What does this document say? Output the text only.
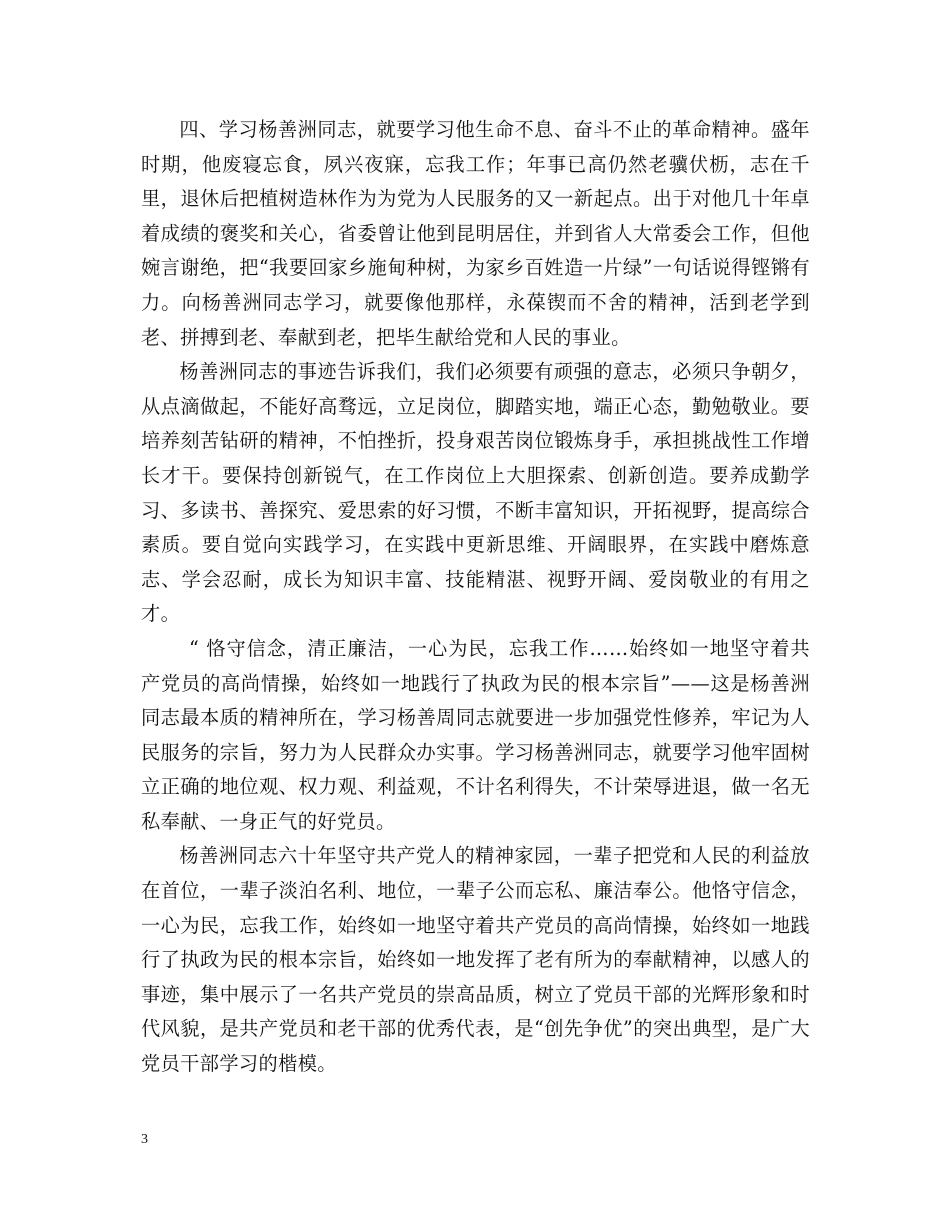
四、学习杨善洲同志，就要学习他生命不息、奋斗不止的革命精神。盛年时期，他废寝忘食，夙兴夜寐，忘我工作；年事已高仍然老骥伏枥，志在千里，退休后把植树造林作为为党为人民服务的又一新起点。出于对他几十年卓着成绩的褒奖和关心，省委曾让他到昆明居住，并到省人大常委会工作，但他婉言谢绝，把“我要回家乡施甸种树，为家乡百姓造一片绿”一句话说得铿锵有力。向杨善洲同志学习，就要像他那样，永葆锲而不舍的精神，活到老学到老、拼搏到老、奉献到老，把毕生献给党和人民的事业。

杨善洲同志的事迹告诉我们，我们必须要有顽强的意志，必须只争朝夕，从点滴做起，不能好高骛远，立足岗位，脚踏实地，端正心态，勤勉敬业。要培养刻苦钻研的精神，不怕挫折，投身艰苦岗位锻炼身手，承担挑战性工作增长才干。要保持创新锐气，在工作岗位上大胆探索、创新创造。要养成勤学习、多读书、善探究、爱思索的好习惯，不断丰富知识，开拓视野，提高综合素质。要自觉向实践学习，在实践中更新思维、开阔眼界，在实践中磨炼意志、学会忍耐，成长为知识丰富、技能精湛、视野开阔、爱岗敬业的有用之才。

“ 恪守信念，清正廉洁，一心为民，忘我工作……始终如一地坚守着共产党员的高尚情操，始终如一地践行了执政为民的根本宗旨”——这是杨善洲同志最本质的精神所在，学习杨善周同志就要进一步加强党性修养，牢记为人民服务的宗旨，努力为人民群众办实事。学习杨善洲同志，就要学习他牢固树立正确的地位观、权力观、利益观，不计名利得失，不计荣辱进退，做一名无私奉献、一身正气的好党员。

杨善洲同志六十年坚守共产党人的精神家园，一辈子把党和人民的利益放在首位，一辈子淡泊名利、地位，一辈子公而忘私、廉洁奉公。他恪守信念，一心为民，忘我工作，始终如一地坚守着共产党员的高尚情操，始终如一地践行了执政为民的根本宗旨，始终如一地发挥了老有所为的奉献精神，以感人的事迹，集中展示了一名共产党员的崇高品质，树立了党员干部的光辉形象和时代风貌，是共产党员和老干部的优秀代表，是“创先争优”的突出典型，是广大党员干部学习的楷模。

3
